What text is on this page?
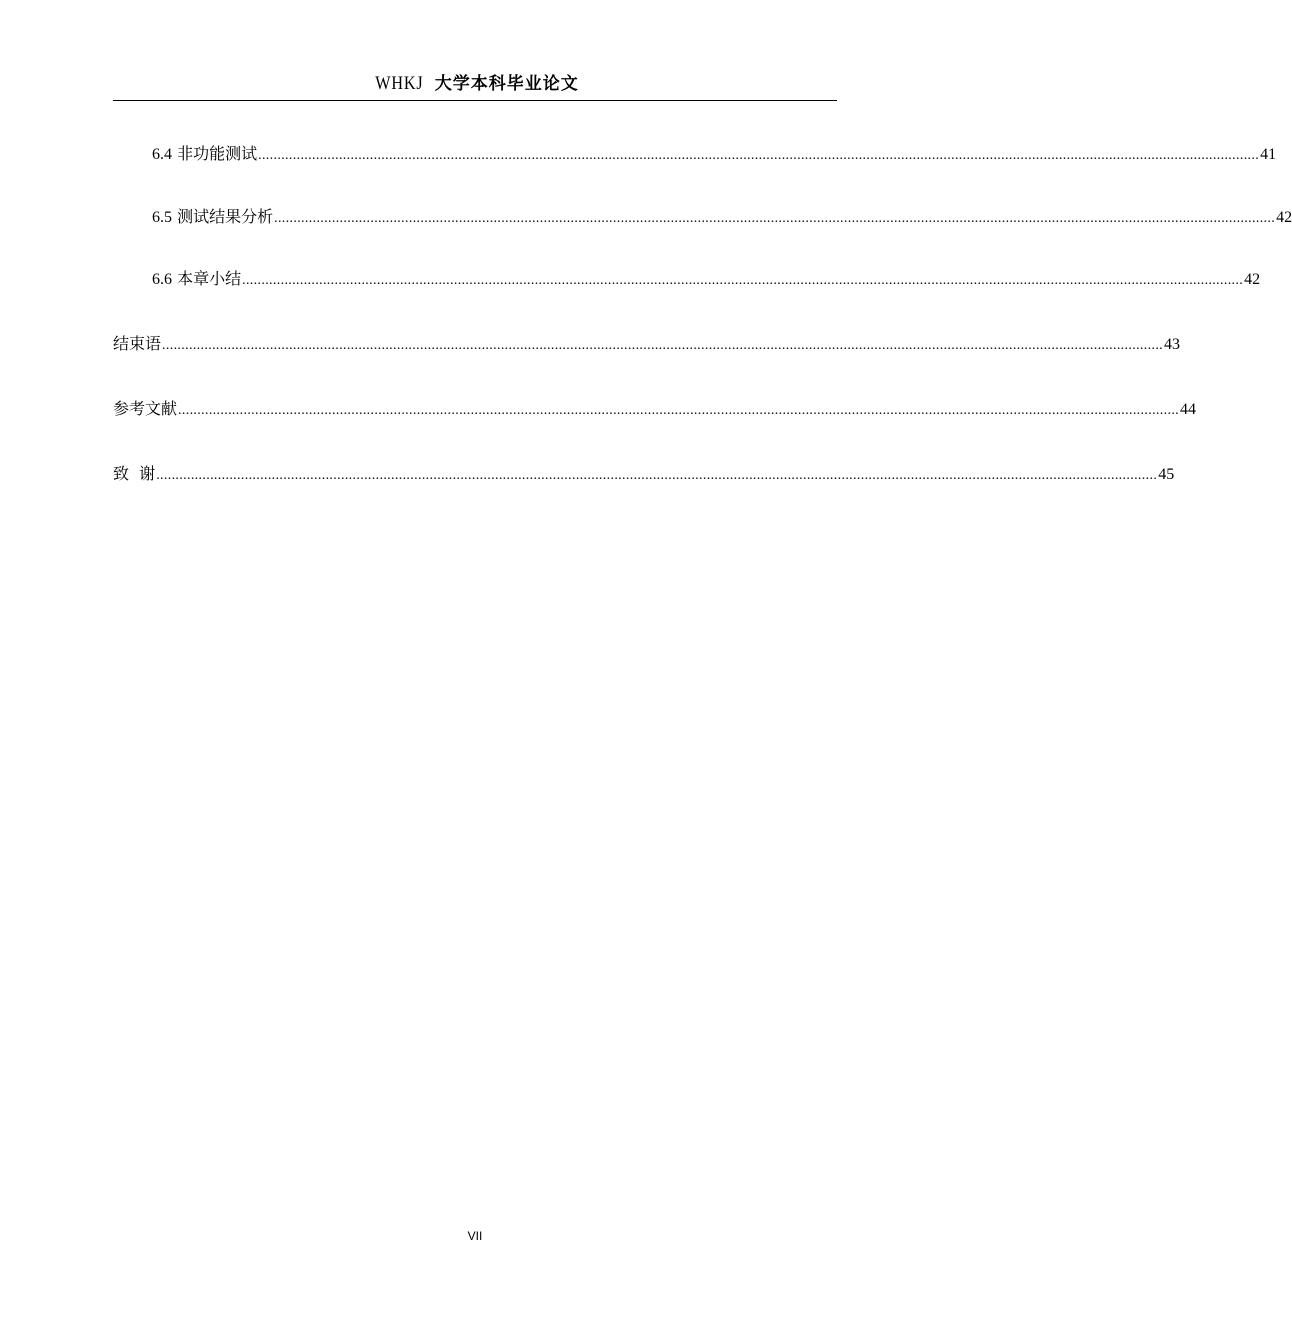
WHKJ 大学本科毕业论文
6.4 非功能测试 .................................................................................................................................................................................................................................................................... 41
6.5 测试结果分析 .................................................................................................................................................................................................................................................................... 42
6.6 本章小结 .................................................................................................................................................................................................................................................................... 42
结束语 .................................................................................................................................................................................................................................................................... 43
参考文献 .................................................................................................................................................................................................................................................................... 44
致  谢 .................................................................................................................................................................................................................................................................... 45
VII
